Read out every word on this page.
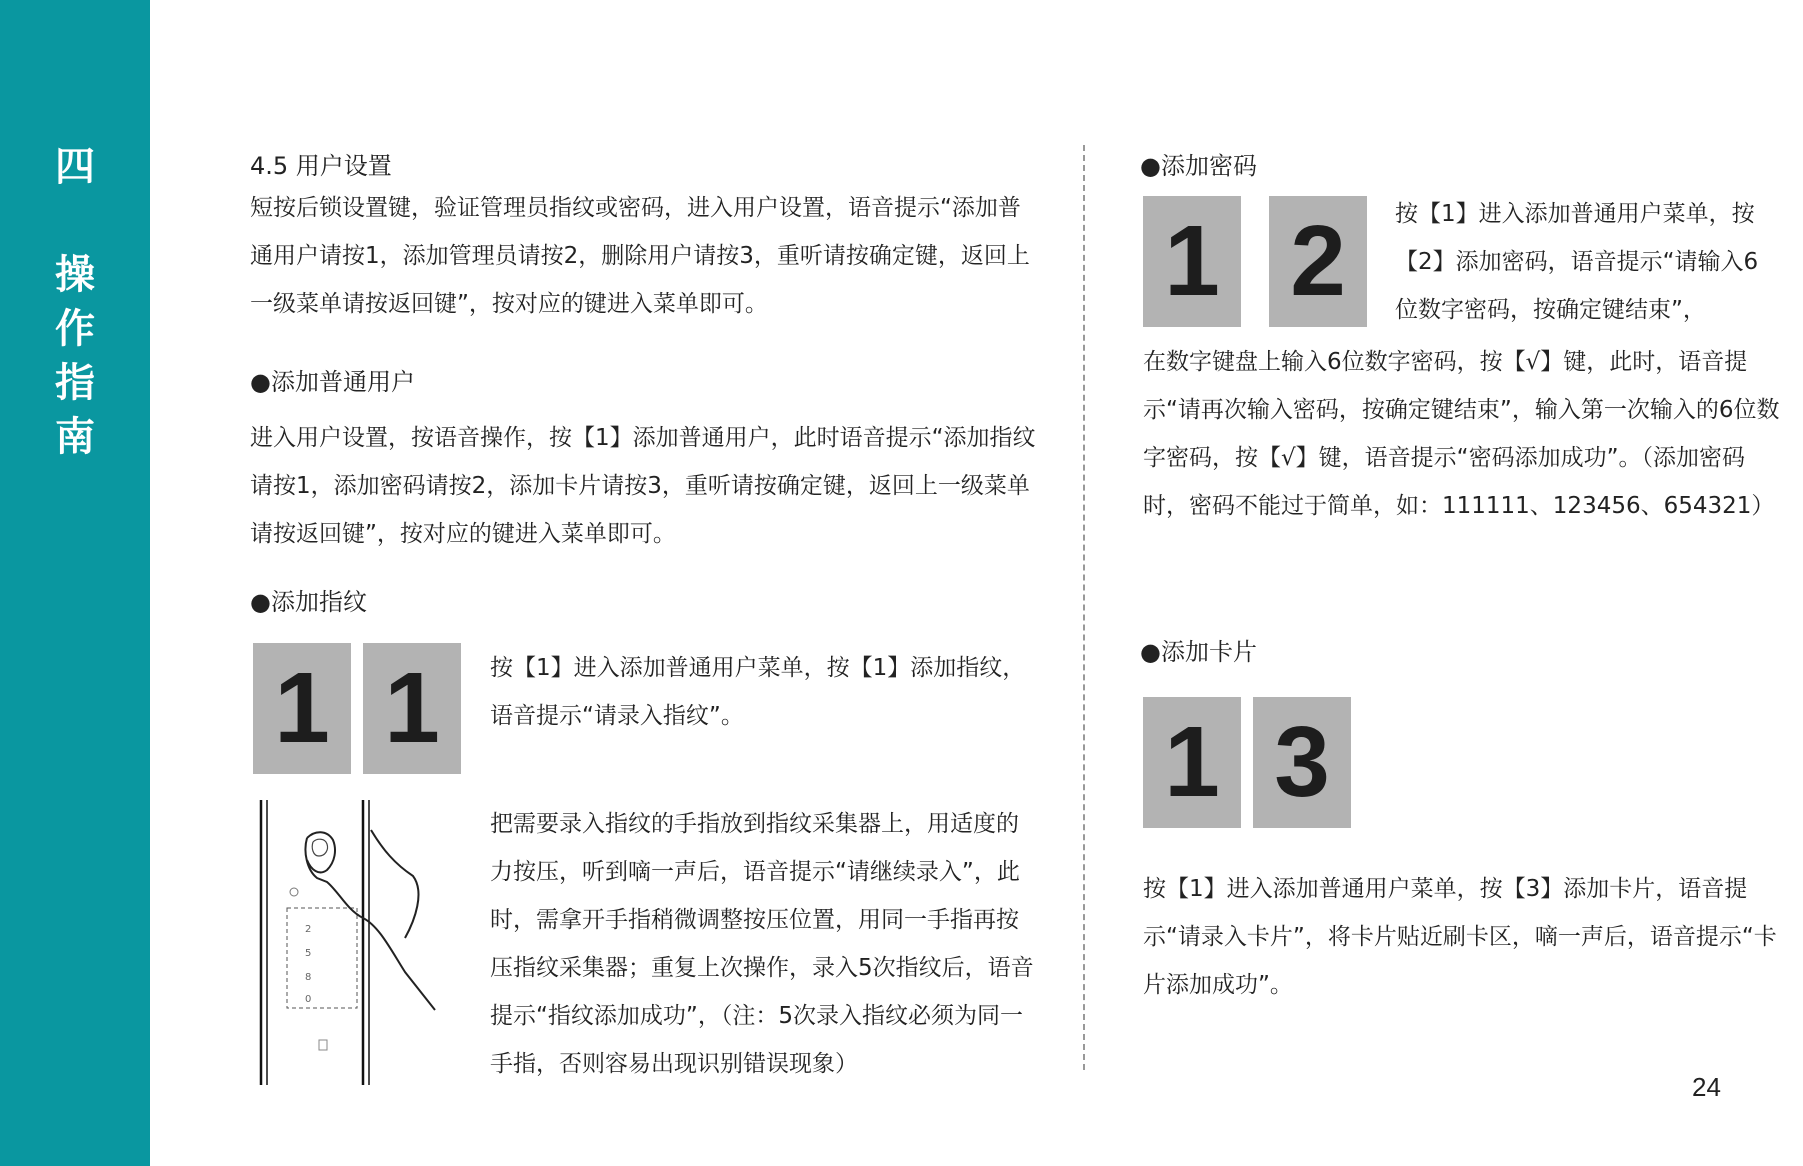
四
操
作
指
南
4.5 用户设置

短按后锁设置键，验证管理员指纹或密码，进入用户设置，语音提示“添加普通用户请按1，添加管理员请按2，删除用户请按3，重听请按确定键，返回上一级菜单请按返回键”，按对应的键进入菜单即可。

●添加普通用户

进入用户设置，按语音操作，按【1】添加普通用户，此时语音提示“添加指纹请按1，添加密码请按2，添加卡片请按3，重听请按确定键，返回上一级菜单请按返回键”，按对应的键进入菜单即可。

●添加指纹
1 1	按【1】进入添加普通用户菜单，按【1】添加指纹，语音提示“请录入指纹”。

2
5
8
0

把需要录入指纹的手指放到指纹采集器上，用适度的力按压，听到嘀一声后，语音提示“请继续录入”，此时，需拿开手指稍微调整按压位置，用同一手指再按压指纹采集器；重复上次操作，录入5次指纹后，语音提示“指纹添加成功”，（注：5次录入指纹必须为同一手指，否则容易出现识别错误现象）

●添加密码
1 2	按【1】进入添加普通用户菜单，按【2】添加密码，语音提示“请输入6位数字密码，按确定键结束”，

在数字键盘上输入6位数字密码，按【√】键，此时，语音提示“请再次输入密码，按确定键结束”，输入第一次输入的6位数字密码，按【√】键，语音提示“密码添加成功”。（添加密码时，密码不能过于简单，如：111111、123456、654321）

●添加卡片
1 3

按【1】进入添加普通用户菜单，按【3】添加卡片，语音提示“请录入卡片”，将卡片贴近刷卡区，嘀一声后，语音提示“卡片添加成功”。

24
